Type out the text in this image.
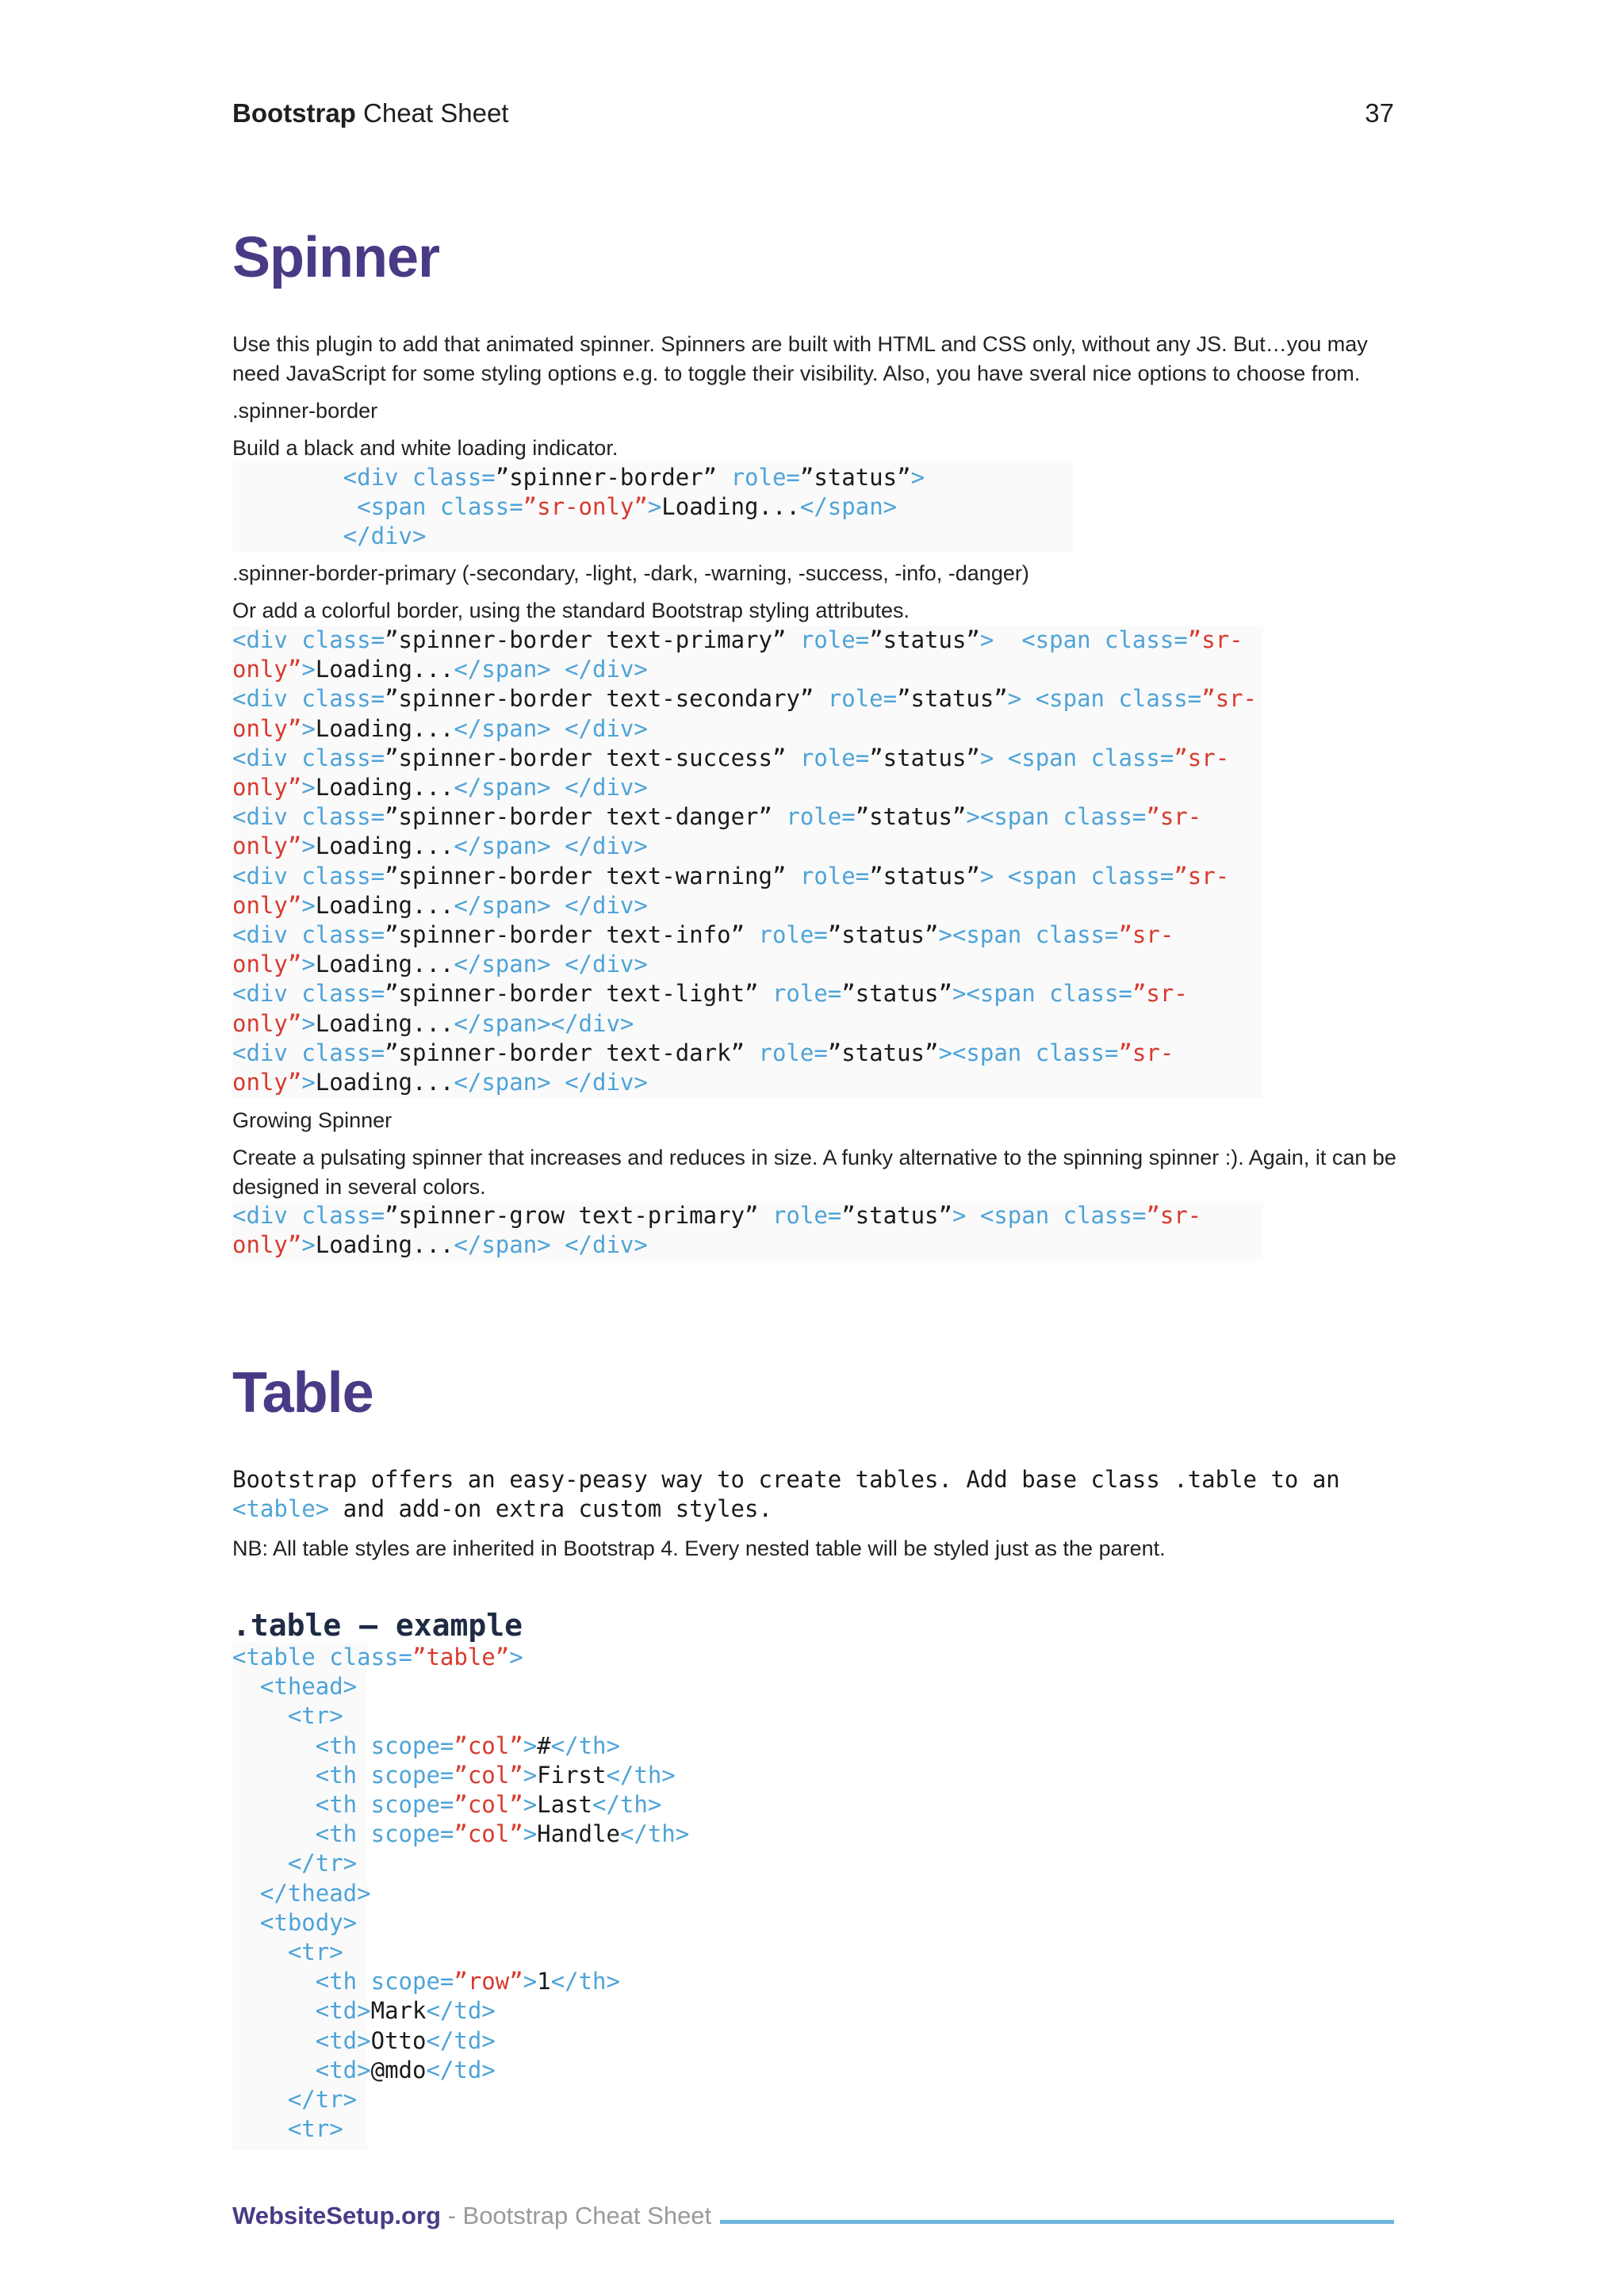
Bootstrap Cheat Sheet	37
Spinner

Use this plugin to add that animated spinner. Spinners are built with HTML and CSS only, without any JS. But…you may need JavaScript for some styling options e.g. to toggle their visibility. Also, you have sveral nice options to choose from.

.spinner-border

Build a black and white loading indicator.

<div class=”spinner-border” role=”status”>
<span class=”sr-only”>Loading...</span>
</div>

.spinner-border-primary (-secondary, -light, -dark, -warning, -success, -info, -danger)

Or add a colorful border, using the standard Bootstrap styling attributes.

<div class=”spinner-border text-primary” role=”status”>  <span class=”sr-
only”>Loading...</span> </div>
<div class=”spinner-border text-secondary” role=”status”> <span class=”sr-
only”>Loading...</span> </div>
<div class=”spinner-border text-success” role=”status”> <span class=”sr-
only”>Loading...</span> </div>
<div class=”spinner-border text-danger” role=”status”><span class=”sr-
only”>Loading...</span> </div>
<div class=”spinner-border text-warning” role=”status”> <span class=”sr-
only”>Loading...</span> </div>
<div class=”spinner-border text-info” role=”status”><span class=”sr-
only”>Loading...</span> </div>
<div class=”spinner-border text-light” role=”status”><span class=”sr-
only”>Loading...</span></div>
<div class=”spinner-border text-dark” role=”status”><span class=”sr-
only”>Loading...</span> </div>

Growing Spinner

Create a pulsating spinner that increases and reduces in size. A funky alternative to the spinning spinner :). Again, it can be designed in several colors.

<div class=”spinner-grow text-primary” role=”status”> <span class=”sr-
only”>Loading...</span> </div>
Table
Bootstrap offers an easy-peasy way to create tables. Add base class .table to an
<table> and add-on extra custom styles.

NB: All table styles are inherited in Bootstrap 4. Every nested table will be styled just as the parent.

.table – example
<table class=”table”>
<thead>
<tr>
<th scope=”col”>#</th>
<th scope=”col”>First</th>
<th scope=”col”>Last</th>
<th scope=”col”>Handle</th>
</tr>
</thead>
<tbody>
<tr>
<th scope=”row”>1</th>
<td>Mark</td>
<td>Otto</td>
<td>@mdo</td>
</tr>
<tr>
WebsiteSetup.org - Bootstrap Cheat Sheet
